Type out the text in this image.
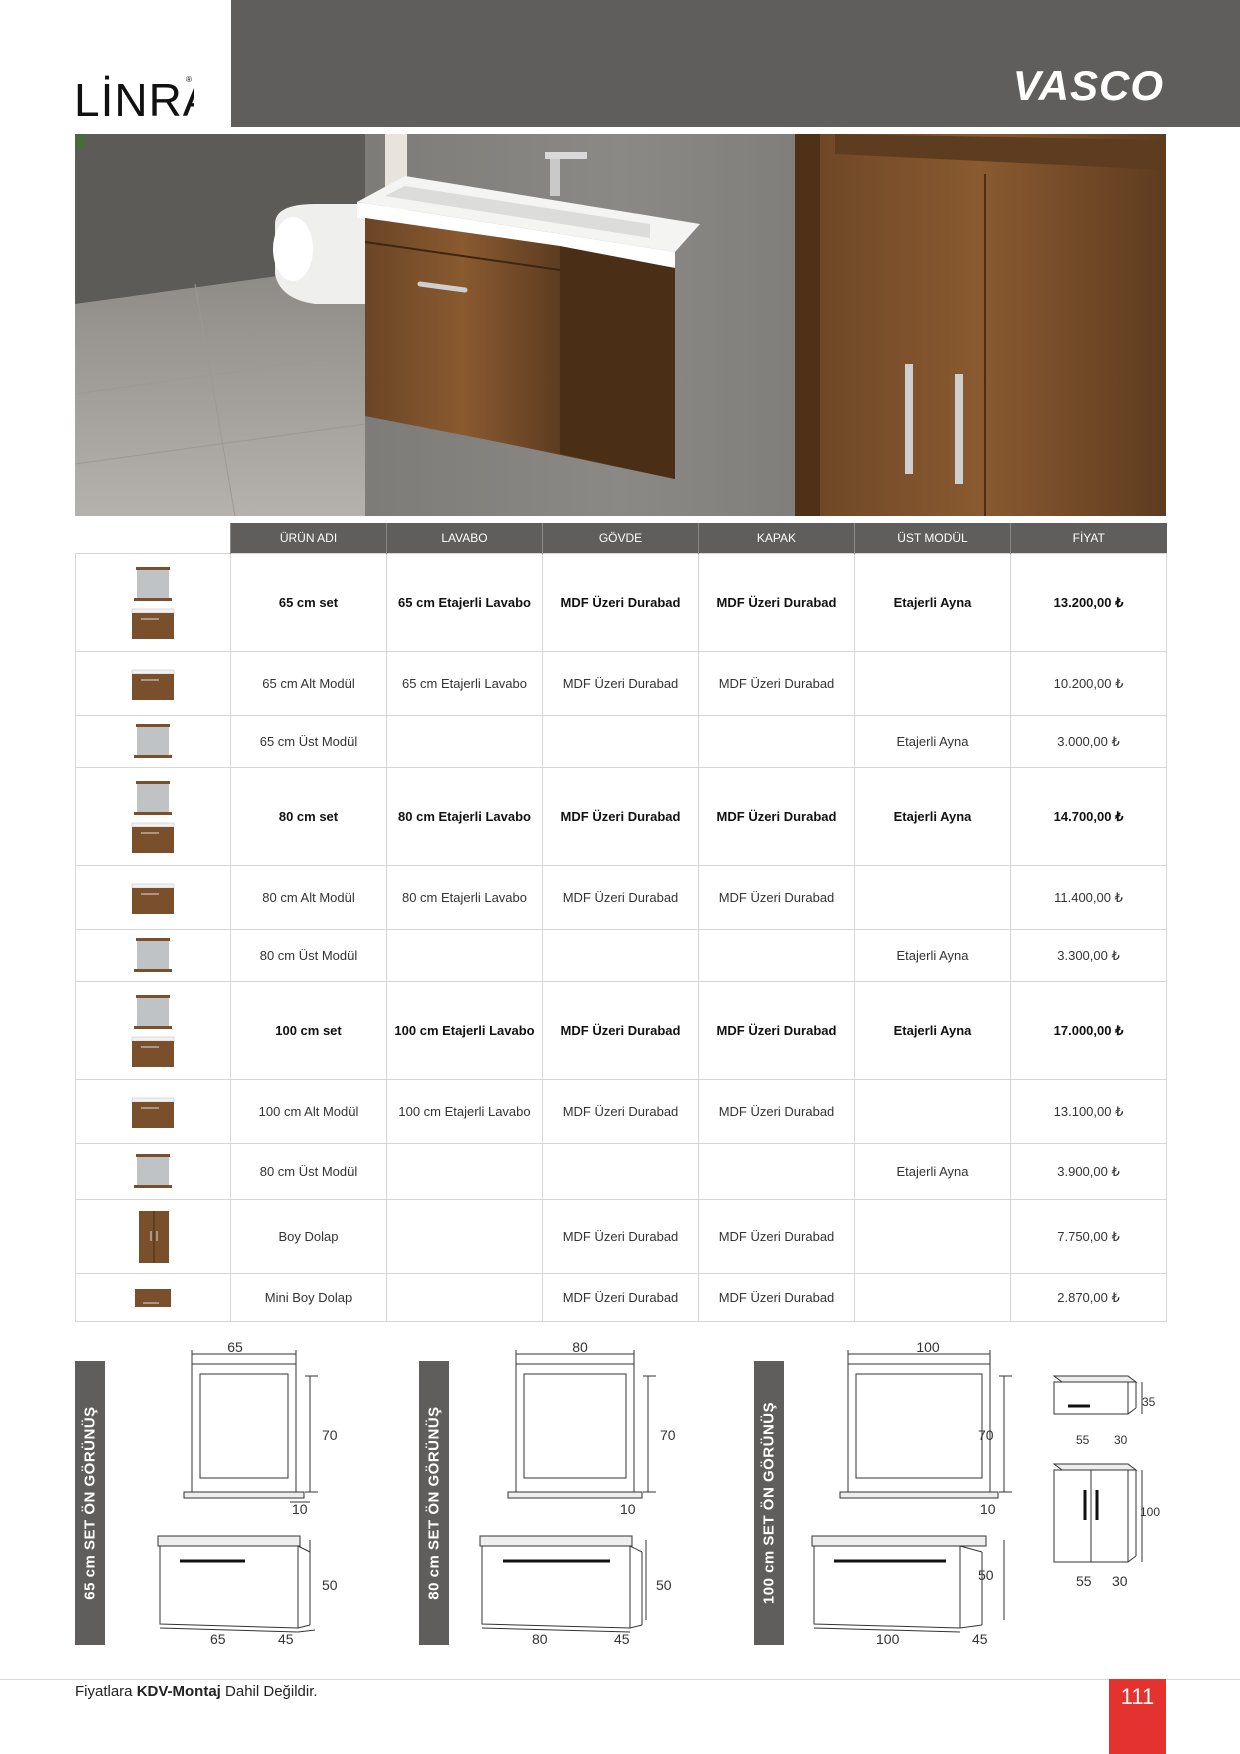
LİNR ®	VASCO
	ÜRÜN ADI	LAVABO	GÖVDE	KAPAK	ÜST MODÜL	FİYAT

	65 cm set	65 cm Etajerli Lavabo	MDF Üzeri Durabad	MDF Üzeri Durabad	Etajerli Ayna	13.200,00 ₺

	65 cm Alt Modül	65 cm Etajerli Lavabo	MDF Üzeri Durabad	MDF Üzeri Durabad		10.200,00 ₺

	65 cm Üst Modül				Etajerli Ayna	3.000,00 ₺

	80 cm set	80 cm Etajerli Lavabo	MDF Üzeri Durabad	MDF Üzeri Durabad	Etajerli Ayna	14.700,00 ₺

	80 cm Alt Modül	80 cm Etajerli Lavabo	MDF Üzeri Durabad	MDF Üzeri Durabad		11.400,00 ₺

	80 cm Üst Modül				Etajerli Ayna	3.300,00 ₺

	100 cm set	100 cm Etajerli Lavabo	MDF Üzeri Durabad	MDF Üzeri Durabad	Etajerli Ayna	17.000,00 ₺

	100 cm Alt Modül	100 cm Etajerli Lavabo	MDF Üzeri Durabad	MDF Üzeri Durabad		13.100,00 ₺

	80 cm Üst Modül				Etajerli Ayna	3.900,00 ₺

	Boy Dolap		MDF Üzeri Durabad	MDF Üzeri Durabad		7.750,00 ₺

	Mini Boy Dolap		MDF Üzeri Durabad	MDF Üzeri Durabad		2.870,00 ₺
65 cm SET ÖN GÖRÜNÜŞ	80 cm SET ÖN GÖRÜNÜŞ	100 cm SET ÖN GÖRÜNÜŞ
65
70
10
50
65	45
80
70
10
50
80	45
100
70
10
50
100	45
35
55 30
100
55 30
Fiyatlara KDV-Montaj Dahil Değildir.	111
